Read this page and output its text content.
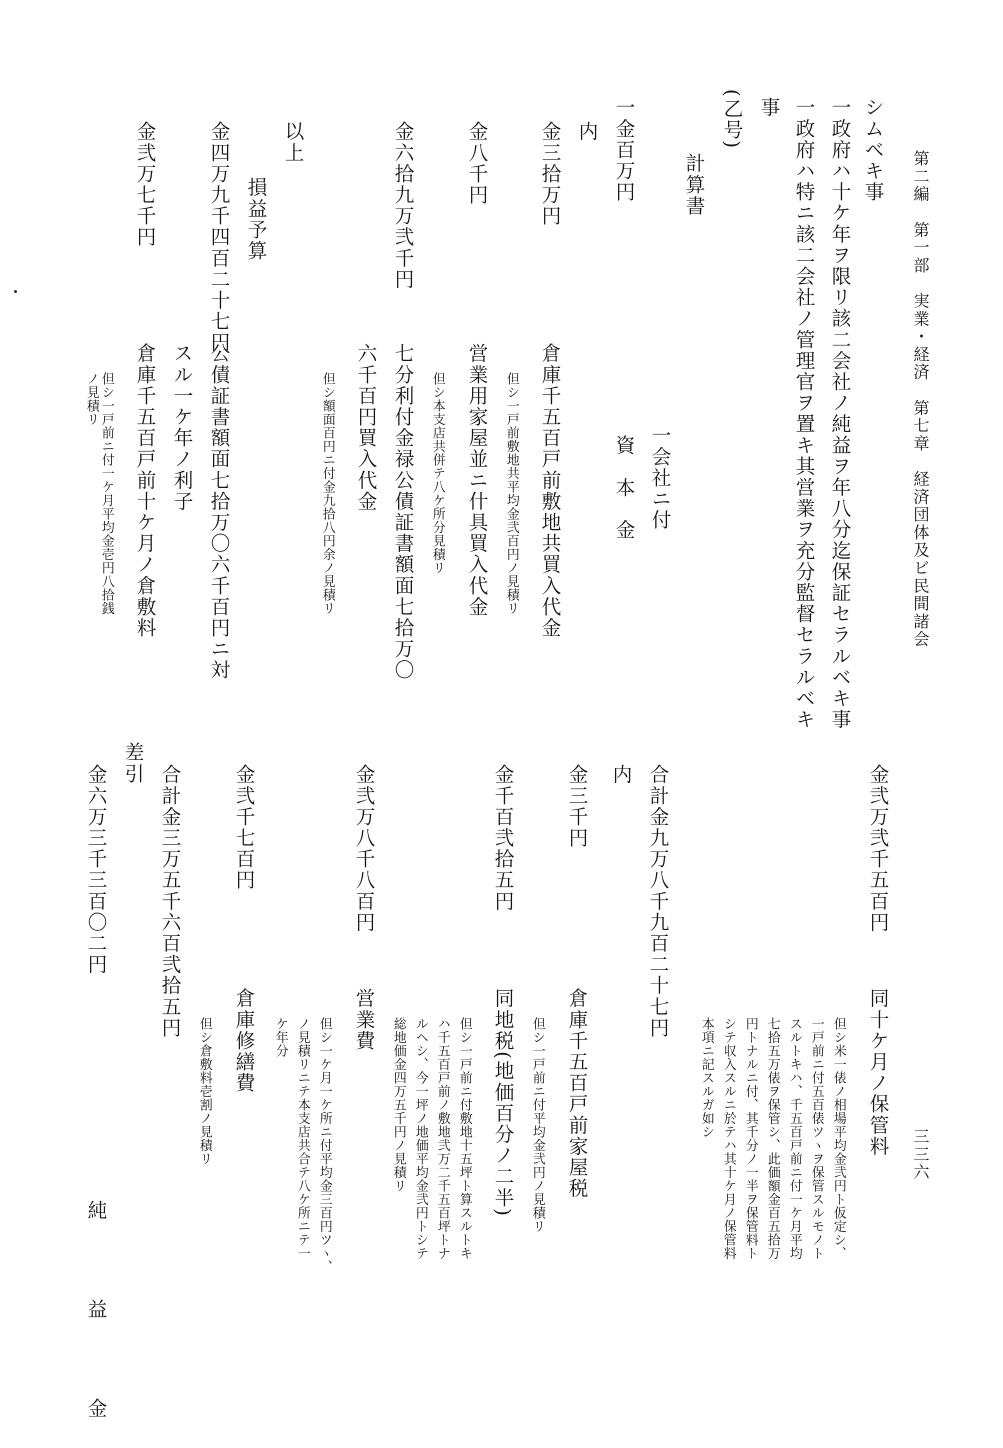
第二編　第一部　実業・経済　第七章　経済団体及ビ民間諸会
三三六
シムベキ事
一政府ハ十ケ年ヲ限リ該二会社ノ純益ヲ年八分迄保証セラルベキ事
一政府ハ特ニ該二会社ノ管理官ヲ置キ其営業ヲ充分監督セラルベキ
事
(乙号)
計算書
一会社ニ付
一金百万円
資　本　金
内
金三拾万円
倉庫千五百戸前敷地共買入代金
但シ一戸前敷地共平均金弐百円ノ見積リ
金八千円
営業用家屋並ニ什具買入代金
但シ本支店共併テ八ケ所分見積リ
金六拾九万弐千円
七分利付金禄公債証書額面七拾万〇
六千百円買入代金
但シ額面百円ニ付金九拾八円余ノ見積リ
以上
損益予算
金四万九千四百二十七円
公債証書額面七拾万〇六千百円ニ対
スル一ケ年ノ利子
金弐万七千円
倉庫千五百戸前十ケ月ノ倉敷料
但シ一戸前ニ付一ケ月平均金壱円八拾銭
ノ見積リ
金弐万弐千五百円
同十ケ月ノ保管料
但シ米一俵ノ相場平均金弐円ト仮定シ、
一戸前ニ付五百俵ツヽヲ保管スルモノト
スルトキハ、千五百戸前ニ付一ケ月平均
七拾五万俵ヲ保管シ、此価額金百五拾万
円トナルニ付、其千分ノ一半ヲ保管料ト
シテ収入スルニ於テハ其十ケ月ノ保管料
本項ニ記スルガ如シ
合計金九万八千九百二十七円
内
金三千円
倉庫千五百戸前家屋税
但シ一戸前ニ付平均金弐円ノ見積リ
金千百弐拾五円
同地税(地価百分ノ二半)
但シ一戸前ニ付敷地十五坪ト算スルトキ
ハ千五百戸前ノ敷地弐万二千五百坪トナ
ルヘシ、今一坪ノ地価平均金弐円トシテ
総地価金四万五千円ノ見積リ
金弐万八千八百円
営業費
但シ一ケ月一ケ所ニ付平均金三百円ツヽ、
ノ見積リニテ本支店共合テ八ケ所ニテ一
ケ年分
金弐千七百円
倉庫修繕費
但シ倉敷料壱割ノ見積リ
合計金三万五千六百弐拾五円
差引
金六万三千三百〇二円
純　益　金
